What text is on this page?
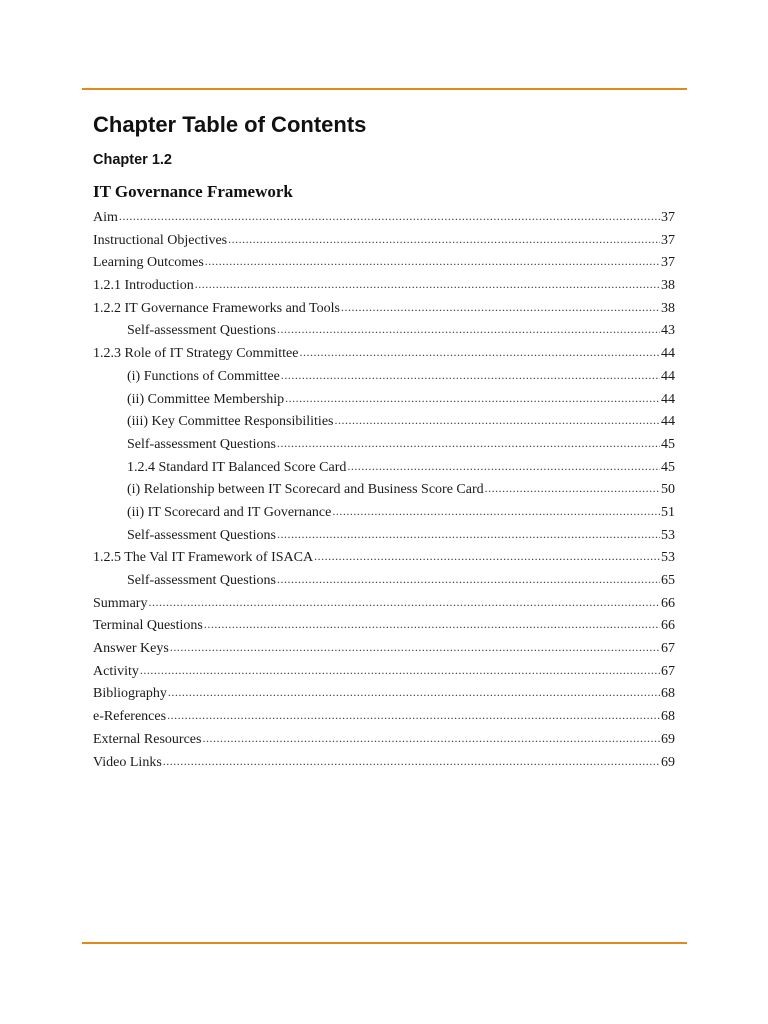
Chapter Table of Contents
Chapter 1.2
IT Governance Framework
Aim .....	37
Instructional Objectives .....	37
Learning Outcomes .....	37
1.2.1 Introduction .....	38
1.2.2 IT Governance Frameworks and Tools .....	38
Self-assessment Questions .....	43
1.2.3 Role of IT Strategy Committee .....	44
(i) Functions of Committee .....	44
(ii) Committee Membership .....	44
(iii) Key Committee Responsibilities .....	44
Self-assessment Questions .....	45
1.2.4 Standard IT Balanced Score Card .....	45
(i) Relationship between IT Scorecard and Business Score Card .....	50
(ii) IT Scorecard and IT Governance .....	51
Self-assessment Questions .....	53
1.2.5 The Val IT Framework of ISACA .....	53
Self-assessment Questions .....	65
Summary .....	66
Terminal Questions .....	66
Answer Keys .....	67
Activity .....	67
Bibliography .....	68
e-References .....	68
External Resources .....	69
Video Links .....	69
